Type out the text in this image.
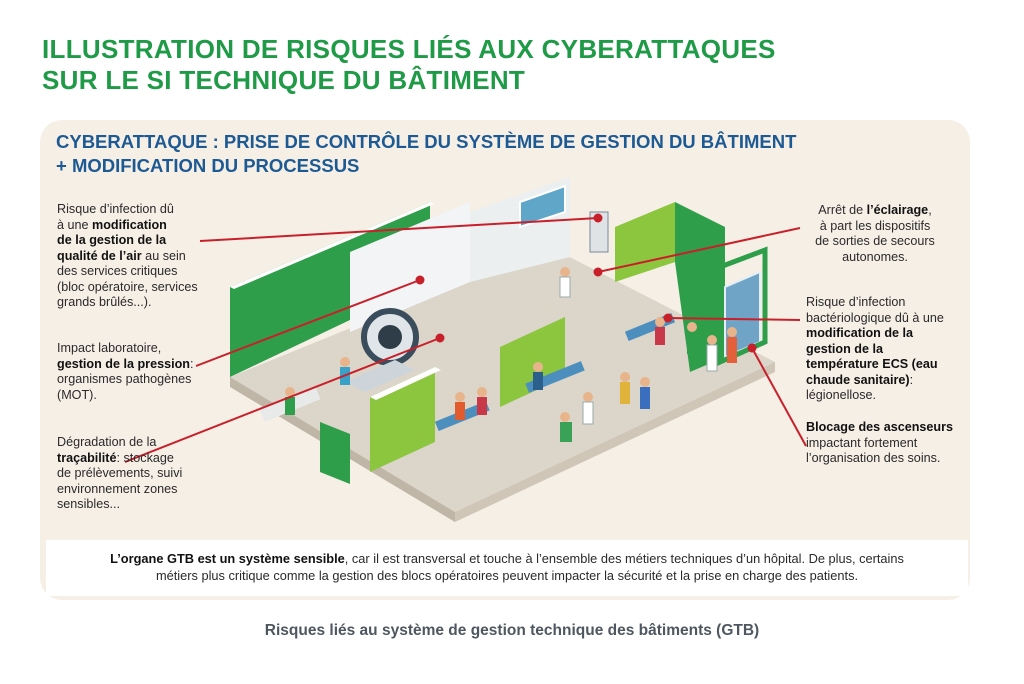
ILLUSTRATION DE RISQUES LIÉS AUX CYBERATTAQUES
SUR LE SI TECHNIQUE DU BÂTIMENT
CYBERATTAQUE : PRISE DE CONTRÔLE DU SYSTÈME DE GESTION DU BÂTIMENT
+ MODIFICATION DU PROCESSUS
Risque d’infection dû
à une modification
de la gestion de la
qualité de l’air au sein
des services critiques
(bloc opératoire, services
grands brûlés...).
Impact laboratoire,
gestion de la pression:
organismes pathogènes
(MOT).
Dégradation de la
traçabilité: stockage
de prélèvements, suivi
environnement zones
sensibles...
Arrêt de l’éclairage,
à part les dispositifs
de sorties de secours
autonomes.
Risque d’infection
bactériologique dû à une
modification de la
gestion de la
température ECS (eau
chaude sanitaire):
légionellose.
Blocage des ascenseurs
impactant fortement
l’organisation des soins.

L’organe GTB est un système sensible, car il est transversal et touche à l’ensemble des métiers techniques d’un hôpital. De plus, certains
métiers plus critique comme la gestion des blocs opératoires peuvent impacter la sécurité et la prise en charge des patients.

Risques liés au système de gestion technique des bâtiments (GTB)
